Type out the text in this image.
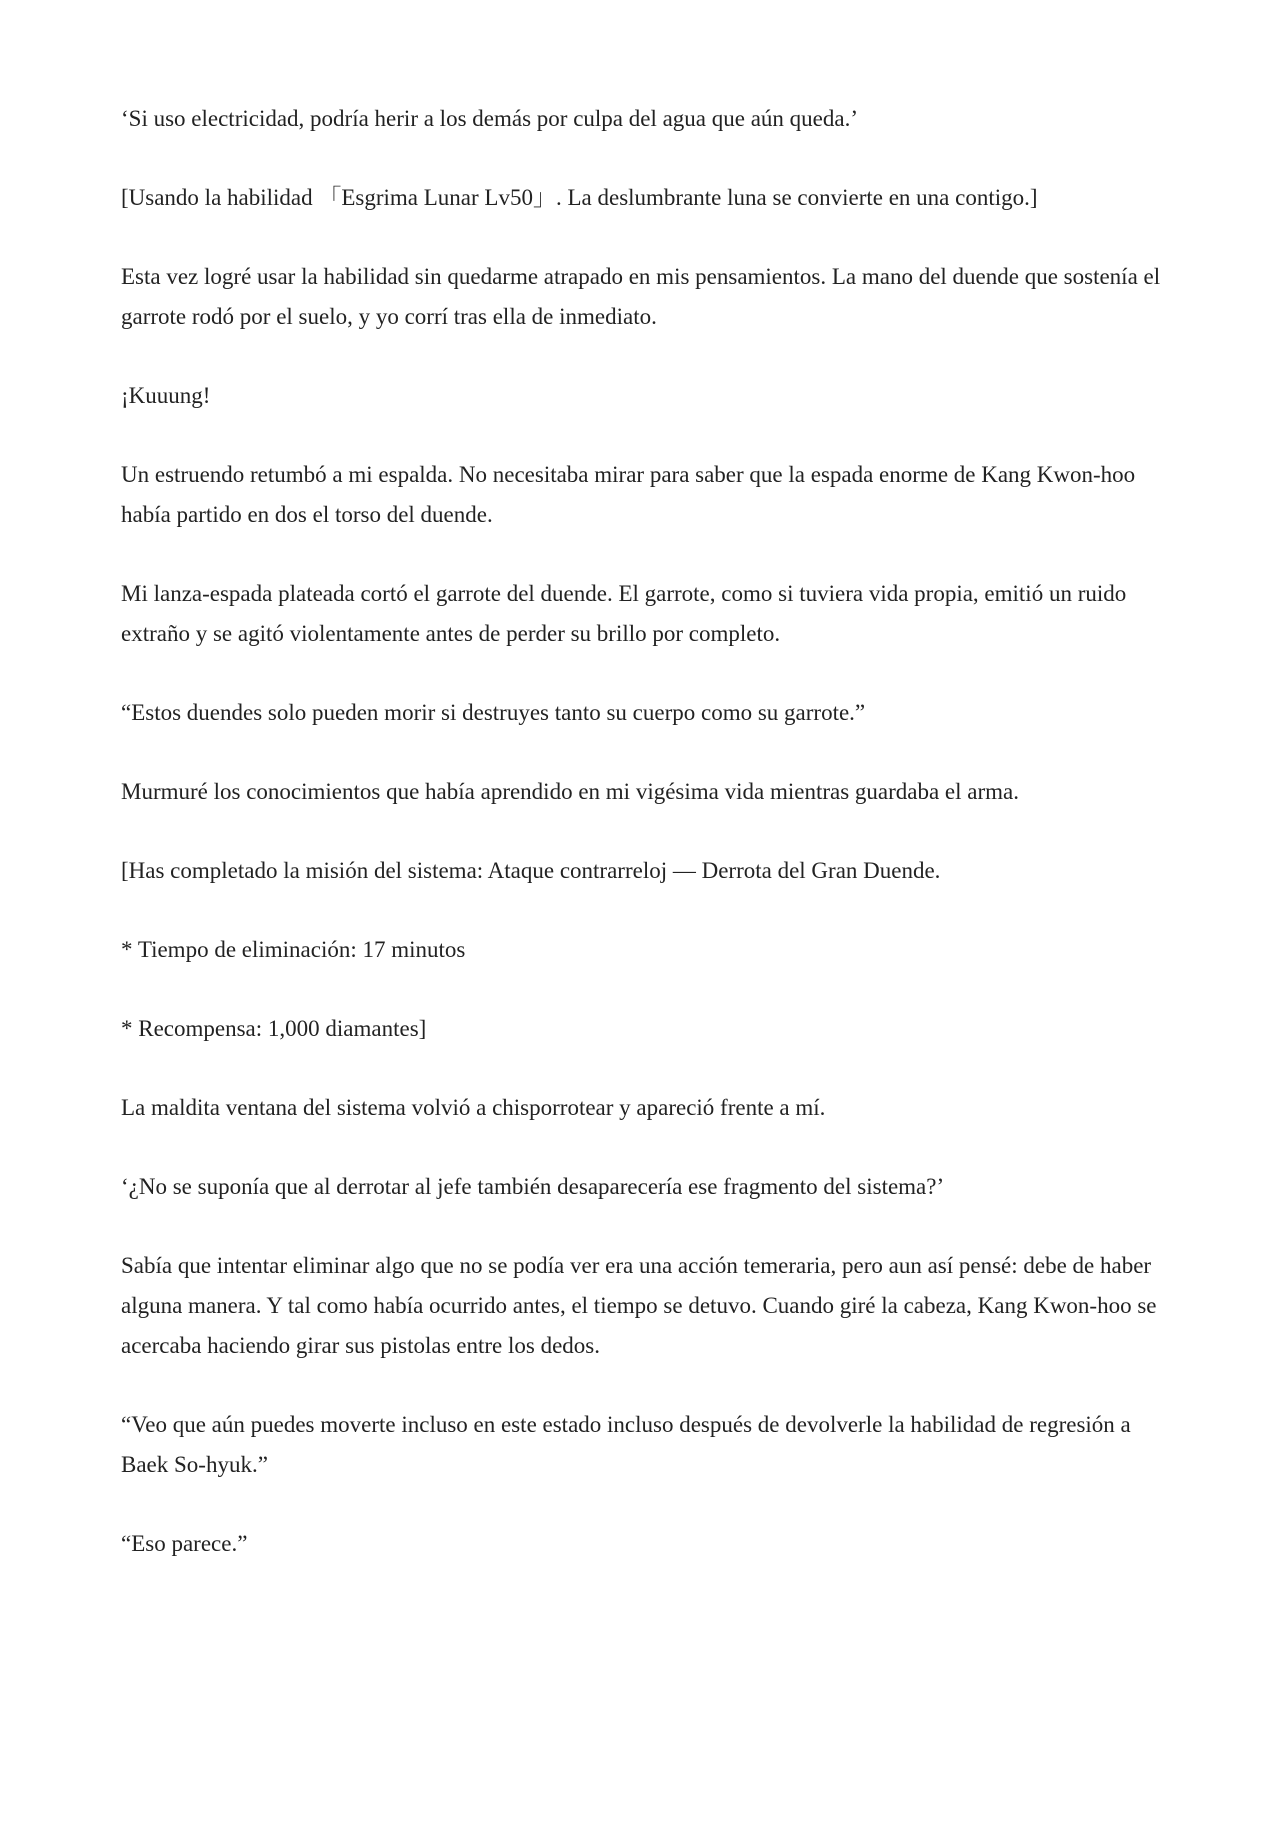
‘Si uso electricidad, podría herir a los demás por culpa del agua que aún queda.’

[Usando la habilidad 「Esgrima Lunar Lv50」. La deslumbrante luna se convierte en una contigo.]

Esta vez logré usar la habilidad sin quedarme atrapado en mis pensamientos. La mano del duende que sostenía el garrote rodó por el suelo, y yo corrí tras ella de inmediato.

¡Kuuung!

Un estruendo retumbó a mi espalda. No necesitaba mirar para saber que la espada enorme de Kang Kwon-hoo había partido en dos el torso del duende.

Mi lanza-espada plateada cortó el garrote del duende. El garrote, como si tuviera vida propia, emitió un ruido extraño y se agitó violentamente antes de perder su brillo por completo.

“Estos duendes solo pueden morir si destruyes tanto su cuerpo como su garrote.”

Murmuré los conocimientos que había aprendido en mi vigésima vida mientras guardaba el arma.

[Has completado la misión del sistema: Ataque contrarreloj — Derrota del Gran Duende.

* Tiempo de eliminación: 17 minutos

* Recompensa: 1,000 diamantes]

La maldita ventana del sistema volvió a chisporrotear y apareció frente a mí.

‘¿No se suponía que al derrotar al jefe también desaparecería ese fragmento del sistema?’

Sabía que intentar eliminar algo que no se podía ver era una acción temeraria, pero aun así pensé: debe de haber alguna manera. Y tal como había ocurrido antes, el tiempo se detuvo. Cuando giré la cabeza, Kang Kwon-hoo se acercaba haciendo girar sus pistolas entre los dedos.

“Veo que aún puedes moverte incluso en este estado incluso después de devolverle la habilidad de regresión a Baek So-hyuk.”

“Eso parece.”
